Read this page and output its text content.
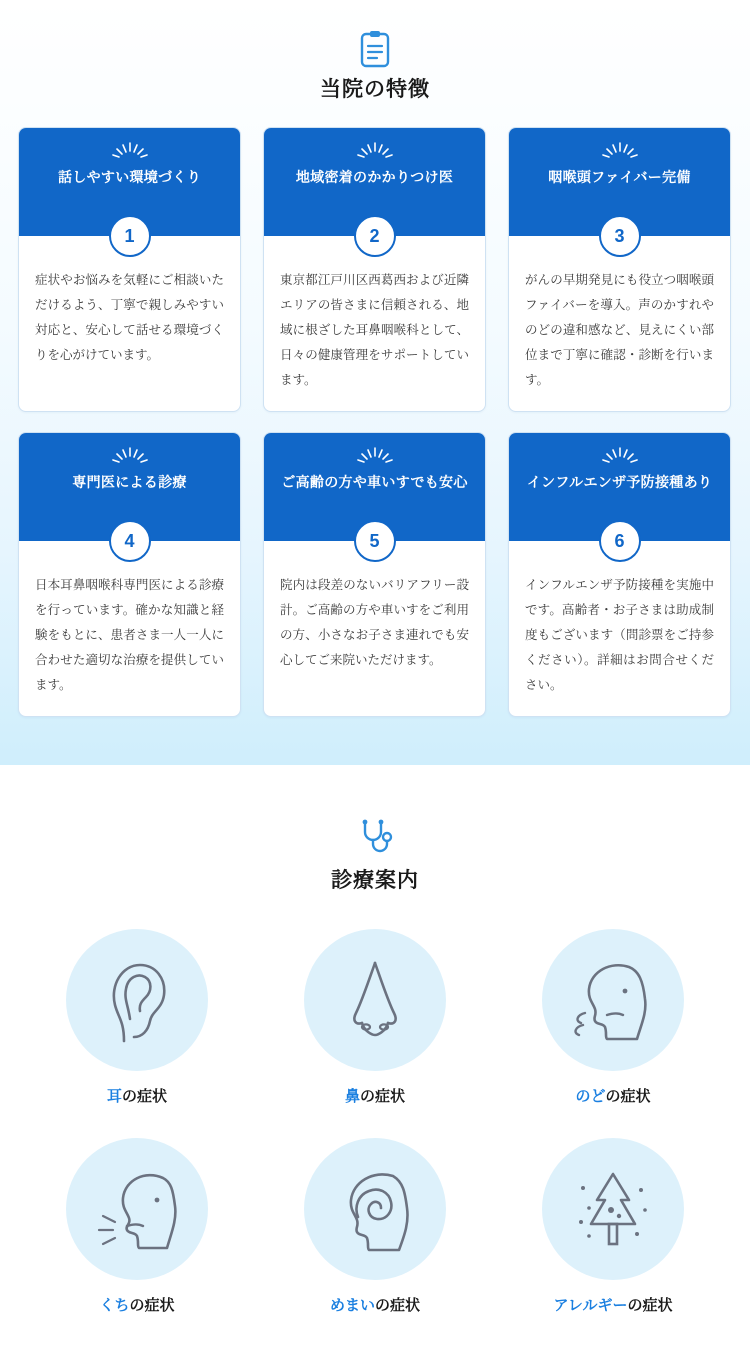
当院の特徴
話しやすい環境づくり
1
症状やお悩みを気軽にご相談いただけるよう、丁寧で親しみやすい対応と、安心して話せる環境づくりを心がけています。
地域密着のかかりつけ医
2
東京都江戸川区西葛西および近隣エリアの皆さまに信頼される、地域に根ざした耳鼻咽喉科として、日々の健康管理をサポートしています。
咽喉頭ファイバー完備
3
がんの早期発見にも役立つ咽喉頭ファイバーを導入。声のかすれやのどの違和感など、見えにくい部位まで丁寧に確認・診断を行います。
専門医による診療
4
日本耳鼻咽喉科専門医による診療を行っています。確かな知識と経験をもとに、患者さま一人一人に合わせた適切な治療を提供しています。
ご高齢の方や車いすでも安心
5
院内は段差のないバリアフリー設計。ご高齢の方や車いすをご利用の方、小さなお子さま連れでも安心してご来院いただけます。
インフルエンザ予防接種あり
6
インフルエンザ予防接種を実施中です。高齢者・お子さまは助成制度もございます（問診票をご持参ください）。詳細はお問合せください。
診療案内
耳の症状	鼻の症状	のどの症状
くちの症状	めまいの症状	アレルギーの症状
